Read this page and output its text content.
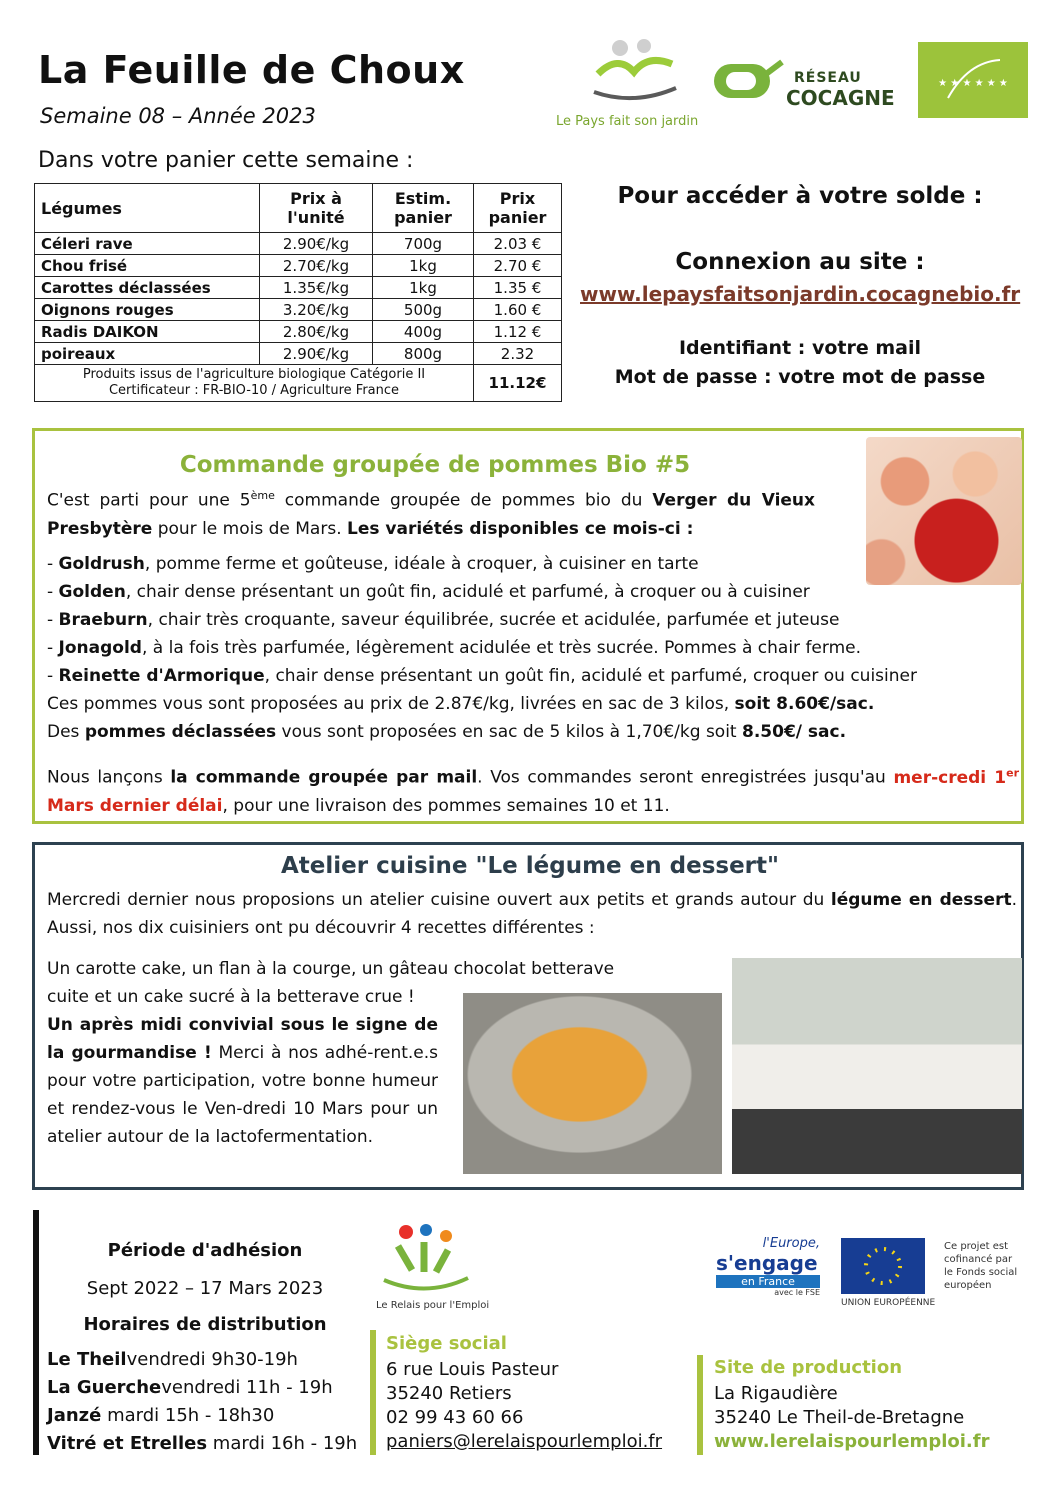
La Feuille de Choux
Semaine 08 – Année 2023	Le Pays fait son jardin
RÉSEAU
COCAGNE
★ ★ ★ ★ ★ ★
Dans votre panier cette semaine :
Légumes	Prix à l'unité	Estim. panier	Prix panier
Céleri rave	2.90€/kg	700g	2.03 €
Chou frisé	2.70€/kg	1kg	2.70 €
Carottes déclassées	1.35€/kg	1kg	1.35 €
Oignons rouges	3.20€/kg	500g	1.60 €
Radis DAIKON	2.80€/kg	400g	1.12 €
poireaux	2.90€/kg	800g	2.32

Produits issus de l'agriculture biologique Catégorie II
Certificateur : FR-BIO-10 / Agriculture France			11.12€
Pour accéder à votre solde :
Connexion au site :
www.lepaysfaitsonjardin.cocagnebio.fr
Identifiant : votre mail
Mot de passe : votre mot de passe
Commande groupée de pommes Bio #5
C'est parti pour une 5ème commande groupée de pommes bio du Verger du Vieux Presbytère pour le mois de Mars. Les variétés disponibles ce mois-ci :
- Goldrush, pomme ferme et goûteuse, idéale à croquer, à cuisiner en tarte
- Golden, chair dense présentant un goût fin, acidulé et parfumé, à croquer ou à cuisiner
- Braeburn, chair très croquante, saveur équilibrée, sucrée et acidulée, parfumée et juteuse
- Jonagold, à la fois très parfumée, légèrement acidulée et très sucrée. Pommes à chair ferme.
- Reinette d'Armorique, chair dense présentant un goût fin, acidulé et parfumé, croquer ou cuisiner
Ces pommes vous sont proposées au prix de 2.87€/kg, livrées en sac de 3 kilos, soit 8.60€/sac.
Des pommes déclassées vous sont proposées en sac de 5 kilos à 1,70€/kg soit 8.50€/ sac.
Nous lançons la commande groupée par mail. Vos commandes seront enregistrées jusqu'au mer-credi 1er Mars dernier délai, pour une livraison des pommes semaines 10 et 11.
Atelier cuisine "Le légume en dessert"
Mercredi dernier nous proposions un atelier cuisine ouvert aux petits et grands autour du légume en dessert. Aussi, nos dix cuisiniers ont pu découvrir 4 recettes différentes :
Un carotte cake, un flan à la courge, un gâteau chocolat betterave
cuite et un cake sucré à la betterave crue !
Un après midi convivial sous le signe de la gourmandise ! Merci à nos adhé-rent.e.s pour votre participation, votre bonne humeur et rendez-vous le Ven-dredi 10 Mars pour un atelier autour de la lactofermentation.
Période d'adhésion
Sept 2022 – 17 Mars 2023
Horaires de distribution
Le Theilvendredi 9h30-19h
La Guerchevendredi 11h - 19h
Janzé mardi 15h - 18h30
Vitré et Etrelles mardi 16h - 19h
Le Relais pour l'Emploi
Siège social
6 rue Louis Pasteur
35240 Retiers
02 99 43 60 66
paniers@lerelaispourlemploi.fr
l'Europe,
s'engage
en France
avec le FSE
UNION EUROPÉENNE
Ce projet est cofinancé par le Fonds social européen
Site de production
La Rigaudière
35240 Le Theil-de-Bretagne
www.lerelaispourlemploi.fr
